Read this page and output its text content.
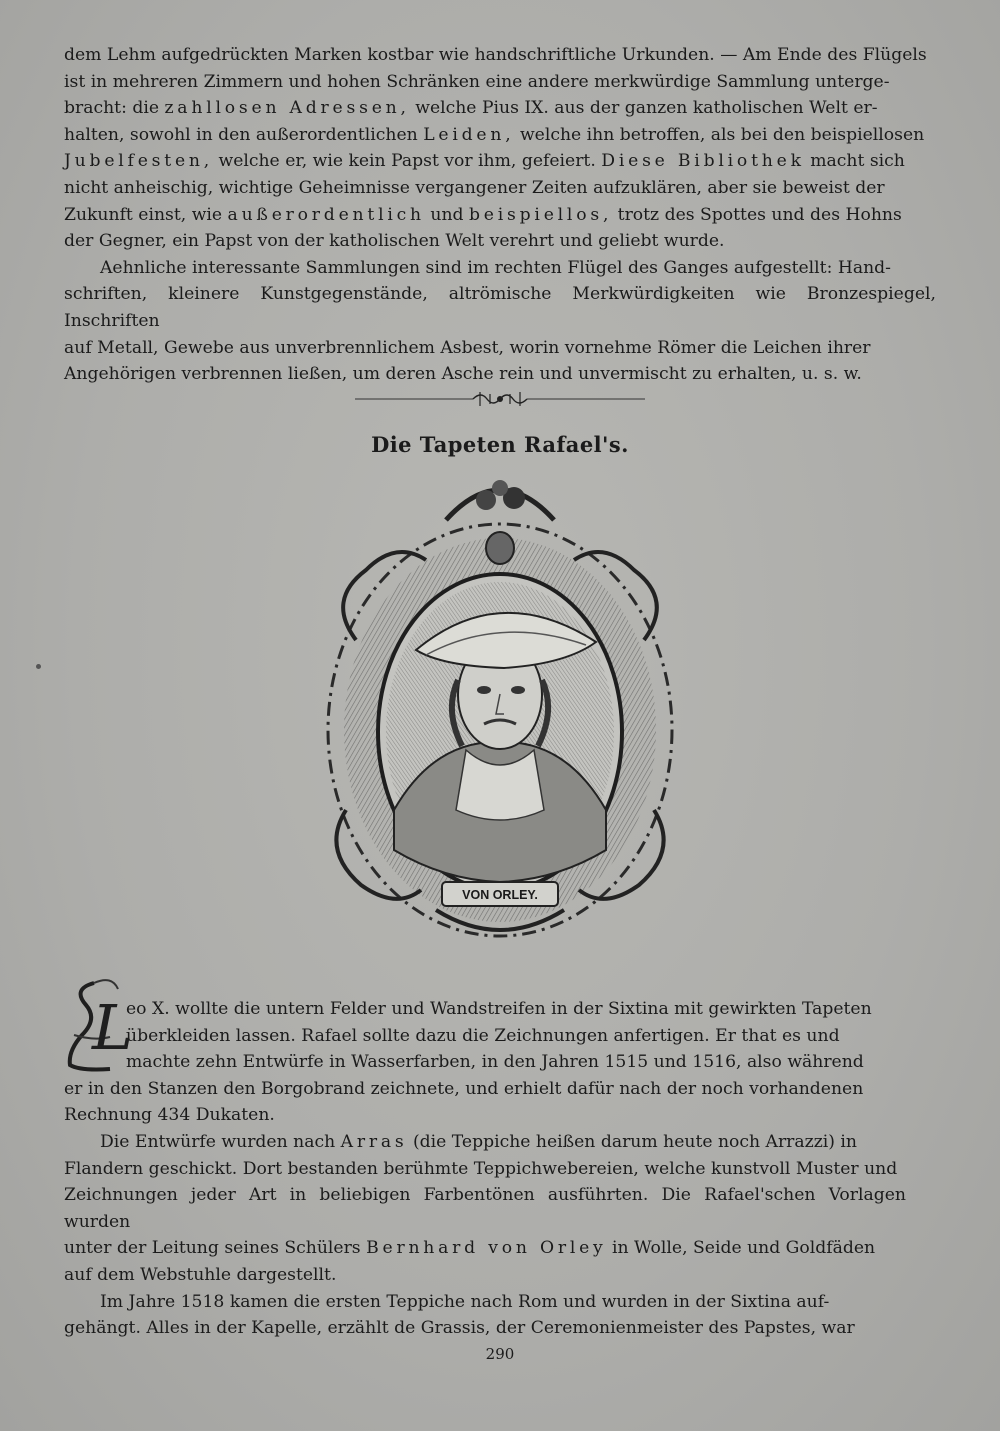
dem Lehm aufgedrückten Marken kostbar wie handschriftliche Urkunden. — Am Ende des Flügels

ist in mehreren Zimmern und hohen Schränken eine andere merkwürdige Sammlung unterge-

bracht: die zahllosen Adressen, welche Pius IX. aus der ganzen katholischen Welt er-

halten, sowohl in den außerordentlichen Leiden, welche ihn betroffen, als bei den beispiellosen

Jubelfesten, welche er, wie kein Papst vor ihm, gefeiert. Diese Bibliothek macht sich

nicht anheischig, wichtige Geheimnisse vergangener Zeiten aufzuklären, aber sie beweist der

Zukunft einst, wie außerordentlich und beispiellos, trotz des Spottes und des Hohns

der Gegner, ein Papst von der katholischen Welt verehrt und geliebt wurde.

Aehnliche interessante Sammlungen sind im rechten Flügel des Ganges aufgestellt: Hand-

schriften, kleinere Kunstgegenstände, altrömische Merkwürdigkeiten wie Bronzespiegel, Inschriften

auf Metall, Gewebe aus unverbrennlichem Asbest, worin vornehme Römer die Leichen ihrer

Angehörigen verbrennen ließen, um deren Asche rein und unvermischt zu erhalten, u. s. w.

Die Tapeten Rafael's.
VON ORLEY.
L

eo X. wollte die untern Felder und Wandstreifen in der Sixtina mit gewirkten Tapeten

überkleiden lassen. Rafael sollte dazu die Zeichnungen anfertigen. Er that es und

machte zehn Entwürfe in Wasserfarben, in den Jahren 1515 und 1516, also während

er in den Stanzen den Borgobrand zeichnete, und erhielt dafür nach der noch vorhandenen

Rechnung 434 Dukaten.

Die Entwürfe wurden nach Arras (die Teppiche heißen darum heute noch Arrazzi) in

Flandern geschickt. Dort bestanden berühmte Teppichwebereien, welche kunstvoll Muster und

Zeichnungen jeder Art in beliebigen Farbentönen ausführten. Die Rafael'schen Vorlagen wurden

unter der Leitung seines Schülers Bernhard von Orley in Wolle, Seide und Goldfäden

auf dem Webstuhle dargestellt.

Im Jahre 1518 kamen die ersten Teppiche nach Rom und wurden in der Sixtina auf-

gehängt. Alles in der Kapelle, erzählt de Grassis, der Ceremonienmeister des Papstes, war

290
